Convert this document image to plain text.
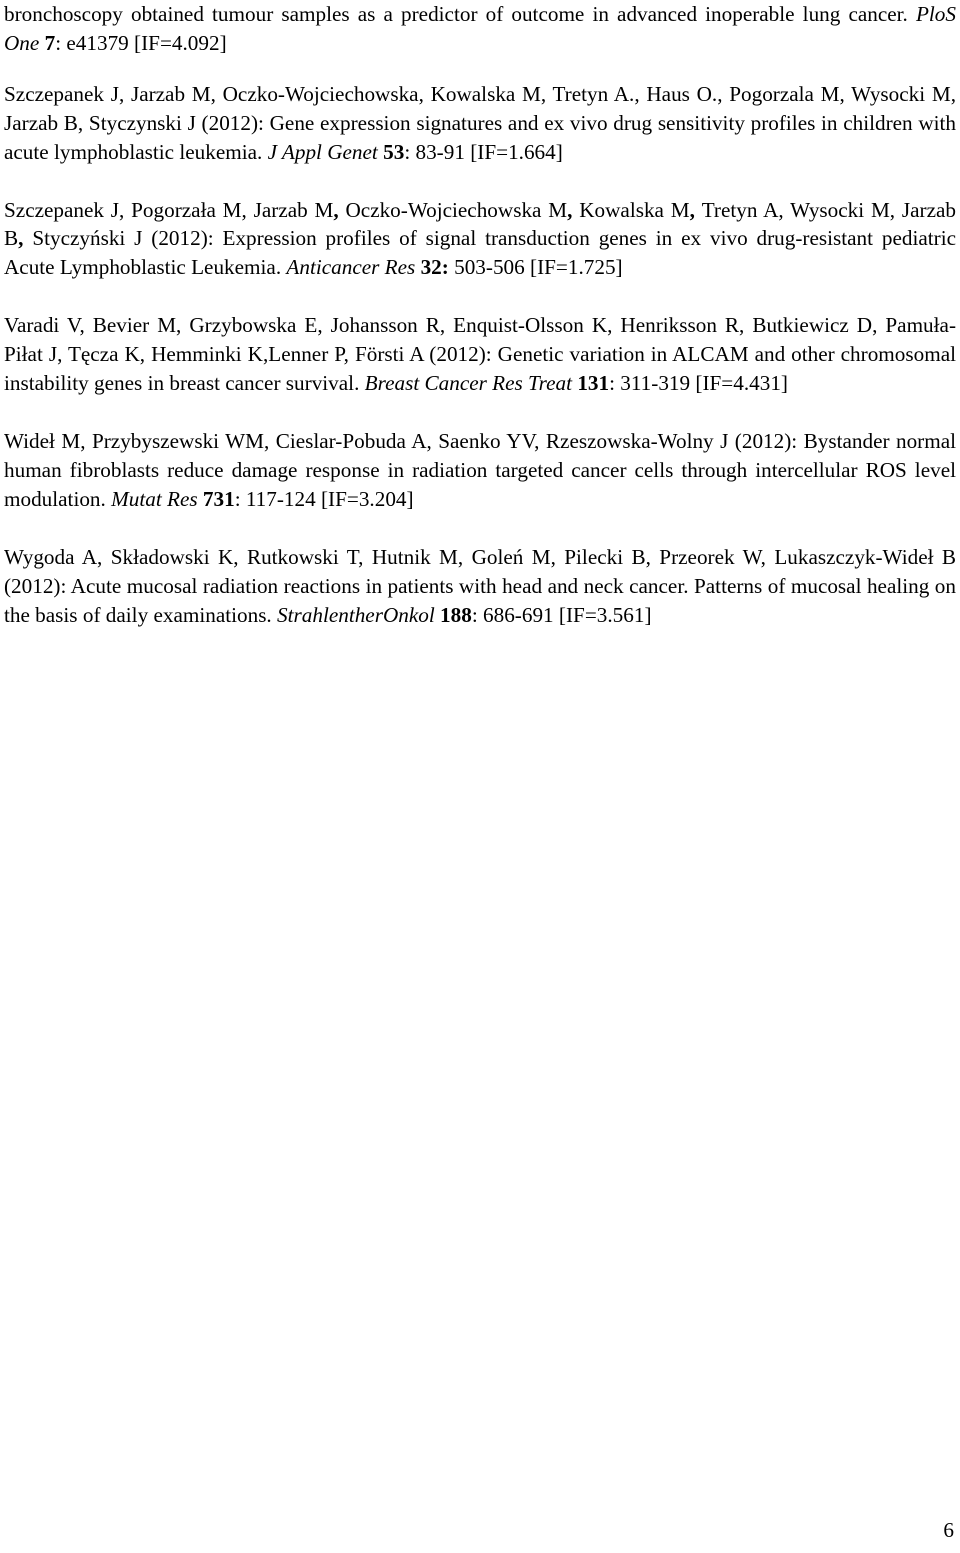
bronchoscopy obtained tumour samples as a predictor of outcome in advanced inoperable lung cancer. PloS One 7: e41379 [IF=4.092]

Szczepanek J, Jarzab M, Oczko-Wojciechowska, Kowalska M, Tretyn A., Haus O., Pogorzala M, Wysocki M, Jarzab B, Styczynski J (2012): Gene expression signatures and ex vivo drug sensitivity profiles in children with acute lymphoblastic leukemia. J Appl Genet 53: 83-91 [IF=1.664]

Szczepanek J, Pogorzała M, Jarzab M, Oczko-Wojciechowska M, Kowalska M, Tretyn A, Wysocki M, Jarzab B, Styczyński J (2012): Expression profiles of signal transduction genes in ex vivo drug-resistant pediatric Acute Lymphoblastic Leukemia. Anticancer Res 32: 503-506 [IF=1.725]

Varadi V, Bevier M, Grzybowska E, Johansson R, Enquist-Olsson K, Henriksson R, Butkiewicz D, Pamuła-Piłat J, Tęcza K, Hemminki K,Lenner P, Försti A (2012): Genetic variation in ALCAM and other chromosomal instability genes in breast cancer survival. Breast Cancer Res Treat 131: 311-319 [IF=4.431]

Wideł M, Przybyszewski WM, Cieslar-Pobuda A, Saenko YV, Rzeszowska-Wolny J (2012): Bystander normal human fibroblasts reduce damage response in radiation targeted cancer cells through intercellular ROS level modulation. Mutat Res 731: 117-124 [IF=3.204]

Wygoda A, Składowski K, Rutkowski T, Hutnik M, Goleń M, Pilecki B, Przeorek W, Lukaszczyk-Wideł B (2012): Acute mucosal radiation reactions in patients with head and neck cancer. Patterns of mucosal healing on the basis of daily examinations. StrahlentherOnkol 188: 686-691 [IF=3.561]

6
